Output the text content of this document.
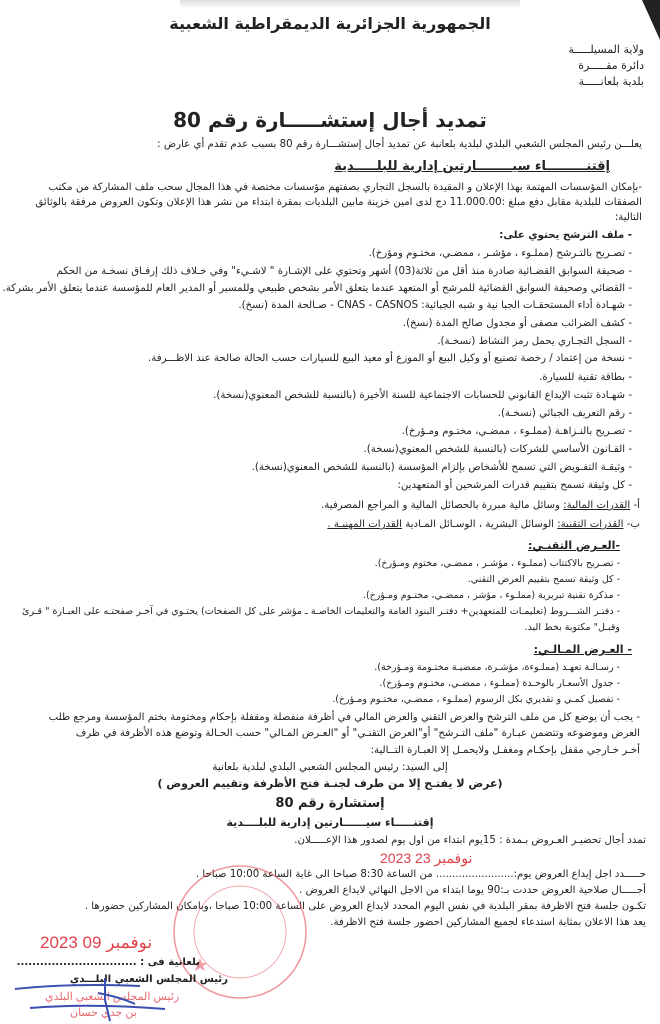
الجمهورية الجزائرية الديمقراطية الشعبية
ولاية المسيلـــــة
دائرة مقـــــرة
بلدية بلعانـــــة
تمديد أجال إستشـــــارة رقم 80
يعلـــن رئيس المجلس الشعبي البلدي لبلدية بلعانبة عن تمديد أجال إستشـــارة رقم 80 بسبب عدم تقدم أي عارض :
إقتنـــــــــاء سيــــــــارتين إدارية للبلـــــدية
-بإمكان المؤسسات المهتمة بهذا الإعلان و المقيدة بالسجل التجاري بصفتهم مؤسسات مختصة في هذا المجال سحب ملف المشاركة من مكتب
الصفقات للبلدية مقابل دفع مبلغ :11.000.00 دج لدى امين خزينة مابين البلديات بمقرة ابتداء من نشر هذا الإعلان وتكون العروض مرفقة بالوثائق
التالية:
- ملف الترشح يحتوي على:
- تصـريح بالتـرشح (مملـوء ، مؤشـر ، ممضـي، مختـوم ومؤرخ).
- صحيفة السوابق القضـائية صادرة منذ أقل من ثلاثة(03) أشهر وتحتوي على الإشـارة " لاشـيء" وفي خـلاف ذلك إرفـاق نسخـة من الحكم
- القضائي وصحيفة السوابق القضائية للمرشح أو المتعهد عندما يتعلق الأمر بشخص طبيعي وللمسير أو المدير العام للمؤسسة عندما يتعلق الأمر بشركة.
- شهـادة أداء المستحقـات الجبا نية و شبه الجبائية: CNAS - CASNOS - صـالحة المدة (نسخ).
- كشف الضرائب مصفى أو مجدول صالح المدة (نسخ).
- السجل التجـاري يحمل رمز النشاط (نسخـة).
- نسخة من إعتماد / رخصة تصنيع أو وكيل البيع أو الموزع أو معيد البيع للسيارات حسب الحالة صالحة عند الاظـــرفة.
- بطاقة تقنية للسيارة.
- شهـادة تثبت الإيداع القانوني للحسابات الاجتماعية للسنة الأخيرة (بالنسبة للشخص المعنوي(نسخة).
- رقم التعريف الجبائي (نسخـة).
- تصـريح بالنـزاهـة (مملـوء ، ممضـي، مختـوم ومـؤرخ).
- القـانون الأساسي للشركات (بالنسبة للشخص المعنوي(نسخة).
- وثيقـة التفـويض التي تسمح للأشخاص بإلزام المؤسسة (بالنسبة للشخص المعنوي(نسخة).
- كل وثيقة تسمح بتقييم قدرات المرشحين أو المتعهدين:
أ- القدرات المالية: وسائل مالية مبررة بالحصائل المالية و المراجع المصرفية.
ب- القدرات التقنية: الوسائل البشرية ، الوسـائل المـادية القدرات المهنيـة .
-العـرض التقنـي:
- تصـريح بالاكتتاب (مملـوء ، مؤشـر ، ممضـي، مختوم ومـؤرخ).
- كل وثيقة تسمح بتقييم العرض التقني.
- مذكرة تقنية تبريرية (مملـوء ، مؤشر ، ممضـي، مختـوم ومـؤرخ).
- دفتـر الشـــروط (تعليمـات للمتعهدين+ دفتـر البنود العامة والتعليمات الخاصـة ـ مؤشر على كل الصفحات) يحتـوي في آخـر صفحتـه على العبـارة " قـرئ
وقبـل" مكتوبة بخط اليد.
- العـرض المـالـي:
- رسـالـة تعهـد (مملـوءة، مؤشـرة، ممضيـة مختـومة ومـؤرخة).
- جدول الأسعـار بالوحـدة (مملـوء ، ممضـي، مختـوم ومـؤرخ).
- تفصيل كمـي و تقديري بكل الرسوم (مملـوء ، ممضـي، مختـوم ومـؤرخ).
- يجب أن يوضع كل من ملف الترشح والعرض التقني والعرض المالي في أظرفة منفصلة ومقفلة بإحكام ومختومة بختم المؤسسة ومرجع طلب
العرض وموضوعه وتتضمن عبـارة "ملف التـرشح" أو"العرض التقنـي" أو "العـرض المـالي" حسب الحـالة وتوضع هذه الأظرفة في ظرف
أخـر خـارجي مقفل بإحكـام ومغفـل ولايحمـل إلا العبـارة التــالية:
إلى السيد: رئيس المجلس الشعبي البلدي لبلدية بلعانية
(عرض لا يفتـح إلا من طرف لجنـة فتح الأظرفة وتقييم العروض )
إستشارة رقم 80
إقتنـــــاء سيــــــارتين إدارية للبلــــدية
تمدد أجال تحضيـر العـروض بـمدة : 15يوم ابتداء من اول يوم لصدور هذا الإعـــــلان.
2023 نوفمبر 23
حـــــدد اجل إيداع العروض يوم:........................ من الساعة 8:30 صباحا الى غاية الساعة 10:00 صباحا .
أجـــــال صلاحية العروض حددت بـ:90 يوما ابتداء من الاجل النهائي لايداع العروض .
تكـون جلسة فتح الاظرفة بمقر البلدية في نفس اليوم المحدد لايداع العروض على الساعة 10:00 صباحا ،وبامكان المشاركين حضورها .
يعد هذا الاعلان بمثابة استدعاء لجميع المشاركين احضور جلسة فتح الاظرفة.
2023 نوفمبر 09
بلعانية فى : ...............................
رئيس المجلس الشعبي البلـــدي
رئيس المجلس الشعبي البلدي
بن جدي حسان
